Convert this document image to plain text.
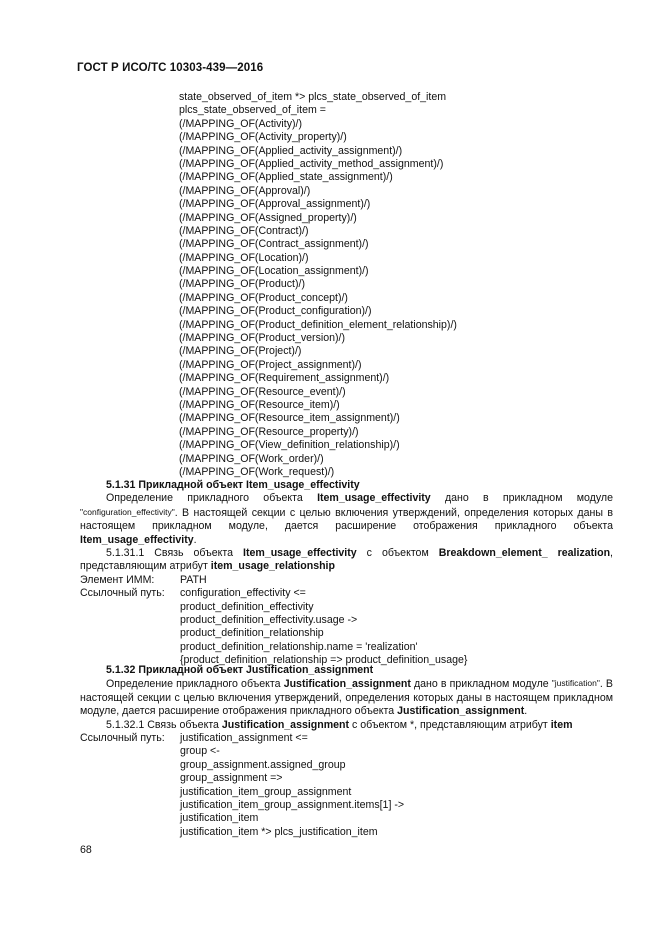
ГОСТ Р ИСО/ТС 10303-439—2016
state_observed_of_item *> plcs_state_observed_of_item
plcs_state_observed_of_item =
(/MAPPING_OF(Activity)/)
(/MAPPING_OF(Activity_property)/)
(/MAPPING_OF(Applied_activity_assignment)/)
(/MAPPING_OF(Applied_activity_method_assignment)/)
(/MAPPING_OF(Applied_state_assignment)/)
(/MAPPING_OF(Approval)/)
(/MAPPING_OF(Approval_assignment)/)
(/MAPPING_OF(Assigned_property)/)
(/MAPPING_OF(Contract)/)
(/MAPPING_OF(Contract_assignment)/)
(/MAPPING_OF(Location)/)
(/MAPPING_OF(Location_assignment)/)
(/MAPPING_OF(Product)/)
(/MAPPING_OF(Product_concept)/)
(/MAPPING_OF(Product_configuration)/)
(/MAPPING_OF(Product_definition_element_relationship)/)
(/MAPPING_OF(Product_version)/)
(/MAPPING_OF(Project)/)
(/MAPPING_OF(Project_assignment)/)
(/MAPPING_OF(Requirement_assignment)/)
(/MAPPING_OF(Resource_event)/)
(/MAPPING_OF(Resource_item)/)
(/MAPPING_OF(Resource_item_assignment)/)
(/MAPPING_OF(Resource_property)/)
(/MAPPING_OF(View_definition_relationship)/)
(/MAPPING_OF(Work_order)/)
(/MAPPING_OF(Work_request)/)
5.1.31 Прикладной объект Item_usage_effectivity
Определение прикладного объекта Item_usage_effectivity дано в прикладном модуле "configuration_effectivity". В настоящей секции с целью включения утверждений, определения которых даны в настоящем прикладном модуле, дается расширение отображения прикладного объекта Item_usage_effectivity.
5.1.31.1 Связь объекта Item_usage_effectivity с объектом Breakdown_element_ realization, представляющим атрибут item_usage_relationship
Элемент ИММ:	PATH
Ссылочный путь:	configuration_effectivity <=
product_definition_effectivity
product_definition_effectivity.usage ->
product_definition_relationship
product_definition_relationship.name = 'realization'
{product_definition_relationship => product_definition_usage}
5.1.32 Прикладной объект Justification_assignment
Определение прикладного объекта Justification_assignment дано в прикладном модуле "justification". В настоящей секции с целью включения утверждений, определения которых даны в настоящем прикладном модуле, дается расширение отображения прикладного объекта Justification_assignment.
5.1.32.1 Связь объекта Justification_assignment с объектом *, представляющим атрибут item
Ссылочный путь:	justification_assignment <=
group <-
group_assignment.assigned_group
group_assignment =>
justification_item_group_assignment
justification_item_group_assignment.items[1] ->
justification_item
justification_item *> plcs_justification_item
68
